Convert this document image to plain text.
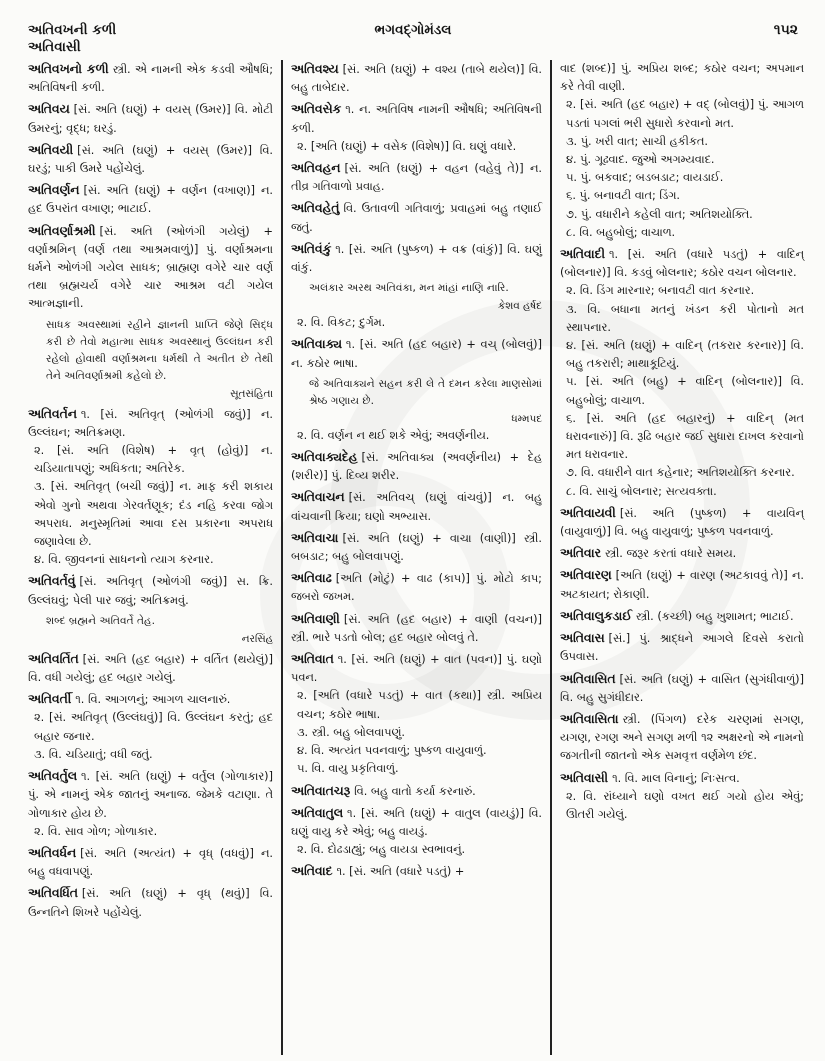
અતિવખની કળી
અતિવાસી
ભગવદ્ગોમંડલ	૧૫૨
અતિવખનો કળી સ્ત્રી. એ નામની એક કડવી ઔષધિ; અતિવિષની કળી.
અતિવય [સં. અતિ (ઘણું) + વયસ્ (ઉમર)] વિ. મોટી ઉમરનું; વૃદ્ધ; ઘરડું.
અતિવયી [સં. અતિ (ઘણું) + વયસ્ (ઉમર)] વિ. ઘરડું; પાકી ઉમરે પહોંચેલું.
અતિવર્ણન [સં. અતિ (ઘણું) + વર્ણન (વખાણ)] ન. હદ ઉપરાંત વખાણ; ભાટાઈ.
અતિવર્ણાશ્રમી [સં. અતિ (ઓળંગી ગયેલું) + વર્ણાશ્રમિન્ (વર્ણ તથા આશ્રમવાળું)] પું. વર્ણાશ્રમના ધર્મને ઓળંગી ગયેલ સાધક; બ્રાહ્મણ વગેરે ચાર વર્ણ તથા બ્રહ્મચર્ય વગેરે ચાર આશ્રમ વટી ગયેલ આત્મજ્ઞાની.
સાધક અવસ્થામાં રહીને જ્ઞાનની પ્રાપ્તિ જેણે સિદ્ધ કરી છે તેવો મહાત્મા સાધક અવસ્થાનું ઉલ્લંઘન કરી રહેલો હોવાથી વર્ણાશ્રમના ધર્મથી તે અતીત છે તેથી તેને અતિવર્ણાશ્રમી કહેલો છે.
સૂતસંહિતા
અતિવર્તન ૧. [સં. અતિવૃત્ (ઓળંગી જવું)] ન. ઉલ્લંઘન; અતિક્રમણ.
૨. [સં. અતિ (વિશેષ) + વૃત્ (હોવું)] ન. ચડિયાતાપણું; અધિકતા; અતિરેક.
૩. [સં. અતિવૃત્ (બચી જવું)] ન. માફ કરી શકાય એવો ગુનો અથવા ગેરવર્તણૂક; દંડ નહિ કરવા જોગ અપરાધ. મનુસ્મૃતિમાં આવા દસ પ્રકારના અપરાધ જણાવેલા છે.
૪. વિ. જીવનનાં સાધનનો ત્યાગ કરનાર.
અતિવર્તવું [સં. અતિવૃત્ (ઓળંગી જવું)] સ. ક્રિ. ઉલ્લંઘવું; પેલી પાર જવું; અતિક્રમવું.
શબ્દ બ્રહ્મને અતિવર્તે તેહ.
નરસિંહ
અતિવર્તિત [સં. અતિ (હદ બહાર) + વર્તિત (થયેલું)] વિ. વધી ગયેલું; હદ બહાર ગયેલું.
અતિવર્તી ૧. વિ. આગળનું; આગળ ચાલનારું.
૨. [સં. અતિવૃત્ (ઉલ્લંઘવું)] વિ. ઉલ્લંઘન કરતું; હદ બહાર જનાર.
૩. વિ. ચડિયાતું; વધી જતું.
અતિવર્તુલ ૧. [સં. અતિ (ઘણું) + વર્તુલ (ગોળાકાર)] પું. એ નામનું એક જાતનું અનાજ. જેમકે વટાણા. તે ગોળાકાર હોય છે.
૨. વિ. સાવ ગોળ; ગોળાકાર.
અતિવર્ધન [સં. અતિ (અત્યંત) + વૃધ્ (વધવું)] ન. બહુ વધવાપણું.
અતિવર્ધિત [સં. અતિ (ઘણું) + વૃધ્ (થવું)] વિ. ઉન્નતિને શિખરે પહોંચેલું.
અતિવશ્ય [સં. અતિ (ઘણું) + વશ્ય (તાબે થયેલ)] વિ. બહુ તાબેદાર.
અતિવસેક ૧. ન. અતિવિષ નામની ઔષધિ; અતિવિષની કળી.
૨. [અતિ (ઘણું) + વસેક (વિશેષ)] વિ. ઘણું વધારે.
અતિવહન [સં. અતિ (ઘણું) + વહન (વહેવું તે)] ન. તીવ્ર ગતિવાળો પ્રવાહ.
અતિવહેતું વિ. ઉતાવળી ગતિવાળું; પ્રવાહમાં બહુ તણાઈ જતું.
અતિવંકું ૧. [સં. અતિ (પુષ્કળ) + વક્ર (વાંકું)] વિ. ઘણું વાંકું.
અલંકાર અરથ અતિવંકા, મન માંહાં નાણિ નારિ.
કેશવ હર્ષદ
૨. વિ. વિકટ; દુર્ગમ.
અતિવાક્ય ૧. [સં. અતિ (હદ બહાર) + વચ્ (બોલવું)] ન. કઠોર ભાષા.
જે અતિવાક્યને સહન કરી લે તે દમન કરેલા માણસોમાં શ્રેષ્ઠ ગણાય છે.
ધમ્મપદ
૨. વિ. વર્ણન ન થઈ શકે એવું; અવર્ણનીય.
અતિવાક્યદેહ [સં. અતિવાક્ય (અવર્ણનીય) + દેહ (શરીર)] પું. દિવ્ય શરીર.
અતિવાચન [સં. અતિવચ્ (ઘણું વાંચવું)] ન. બહુ વાંચવાની ક્રિયા; ઘણો અભ્યાસ.
અતિવાચા [સં. અતિ (ઘણું) + વાચા (વાણી)] સ્ત્રી. બબડાટ; બહુ બોલવાપણું.
અતિવાઢ [અતિ (મોટું) + વાઢ (કાપ)] પું. મોટો કાપ; જબરો જખમ.
અતિવાણી [સં. અતિ (હદ બહાર) + વાણી (વચન)] સ્ત્રી. ભારે પડતો બોલ; હદ બહાર બોલવું તે.
અતિવાત ૧. [સં. અતિ (ઘણું) + વાત (પવન)] પું. ઘણો પવન.
૨. [અતિ (વધારે પડતું) + વાત (કથા)] સ્ત્રી. અપ્રિય વચન; કઠોર ભાષા.
૩. સ્ત્રી. બહુ બોલવાપણું.
૪. વિ. અત્યંત પવનવાળું; પુષ્કળ વાયુવાળું.
૫. વિ. વાયુ પ્રકૃતિવાળું.
અતિવાતચરૂ વિ. બહુ વાતો કર્યા કરનારું.
અતિવાતુલ ૧. [સં. અતિ (ઘણું) + વાતુલ (વાયડું)] વિ. ઘણું વાયુ કરે એવું; બહુ વાયડું.
૨. વિ. દોઢડાહ્યું; બહુ વાયડા સ્વભાવનું.
અતિવાદ ૧. [સં. અતિ (વધારે પડતું) +
વાદ (શબ્દ)] પું. અપ્રિય શબ્દ; કઠોર વચન; અપમાન કરે તેવી વાણી.
૨. [સં. અતિ (હદ બહાર) + વદ્ (બોલવું)] પું. આગળ પડતાં પગલાં ભરી સુધારો કરવાનો મત.
૩. પું. ખરી વાત; સાચી હકીકત.
૪. પું. ગૂઢવાદ. જુઓ અગમ્યવાદ.
૫. પું. બકવાદ; બડબડાટ; વાયડાઈ.
૬. પું. બનાવટી વાત; ડિંગ.
૭. પું. વધારીને કહેલી વાત; અતિશયોક્તિ.
૮. વિ. બહુબોલું; વાચાળ.
અતિવાદી ૧. [સં. અતિ (વધારે પડતું) + વાદિન્ (બોલનાર)] વિ. કડવું બોલનાર; કઠોર વચન બોલનાર.
૨. વિ. ડિંગ મારનાર; બનાવટી વાત કરનાર.
૩. વિ. બધાના મતનું ખંડન કરી પોતાનો મત સ્થાપનાર.
૪. [સં. અતિ (ઘણું) + વાદિન્ (તકરાર કરનાર)] વિ. બહુ તકરારી; માથાકૂટિયું.
૫. [સં. અતિ (બહુ) + વાદિન્ (બોલનાર)] વિ. બહુબોલું; વાચાળ.
૬. [સં. અતિ (હદ બહારનું) + વાદિન્ (મત ધરાવનારું)] વિ. રૂઢિ બહાર જઈ સુધારા દાખલ કરવાનો મત ધરાવનાર.
૭. વિ. વધારીને વાત કહેનાર; અતિશયોક્તિ કરનાર.
૮. વિ. સાચું બોલનાર; સત્યવક્તા.
અતિવાયવી [સં. અતિ (પુષ્કળ) + વાયવિન્ (વાયુવાળું)] વિ. બહુ વાયુવાળું; પુષ્કળ પવનવાળું.
અતિવાર સ્ત્રી. જરૂર કરતાં વધારે સમય.
અતિવારણ [અતિ (ઘણું) + વારણ (અટકાવવું તે)] ન. અટકાયત; રોકાણી.
અતિવાલુકડાઈ સ્ત્રી. (કચ્છી) બહુ ખુશામત; ભાટાઈ.
અતિવાસ [સં.] પું. શ્રાદ્ધને આગલે દિવસે કરાતો ઉપવાસ.
અતિવાસિત [સં. અતિ (ઘણું) + વાસિત (સુગંધીવાળું)] વિ. બહુ સુગંધીદાર.
અતિવાસિતા સ્ત્રી. (પિંગળ) દરેક ચરણમાં સગણ, યગણ, રગણ અને સગણ મળી ૧૨ અક્ષરનો એ નામનો જગતીની જાતનો એક સમવૃત્ત વર્ણમેળ છંદ.
અતિવાસી ૧. વિ. માલ વિનાનું; નિઃસત્વ.
૨. વિ. રાંધ્યાને ઘણો વખત થઈ ગયો હોય એવું; ઊતરી ગયેલું.
